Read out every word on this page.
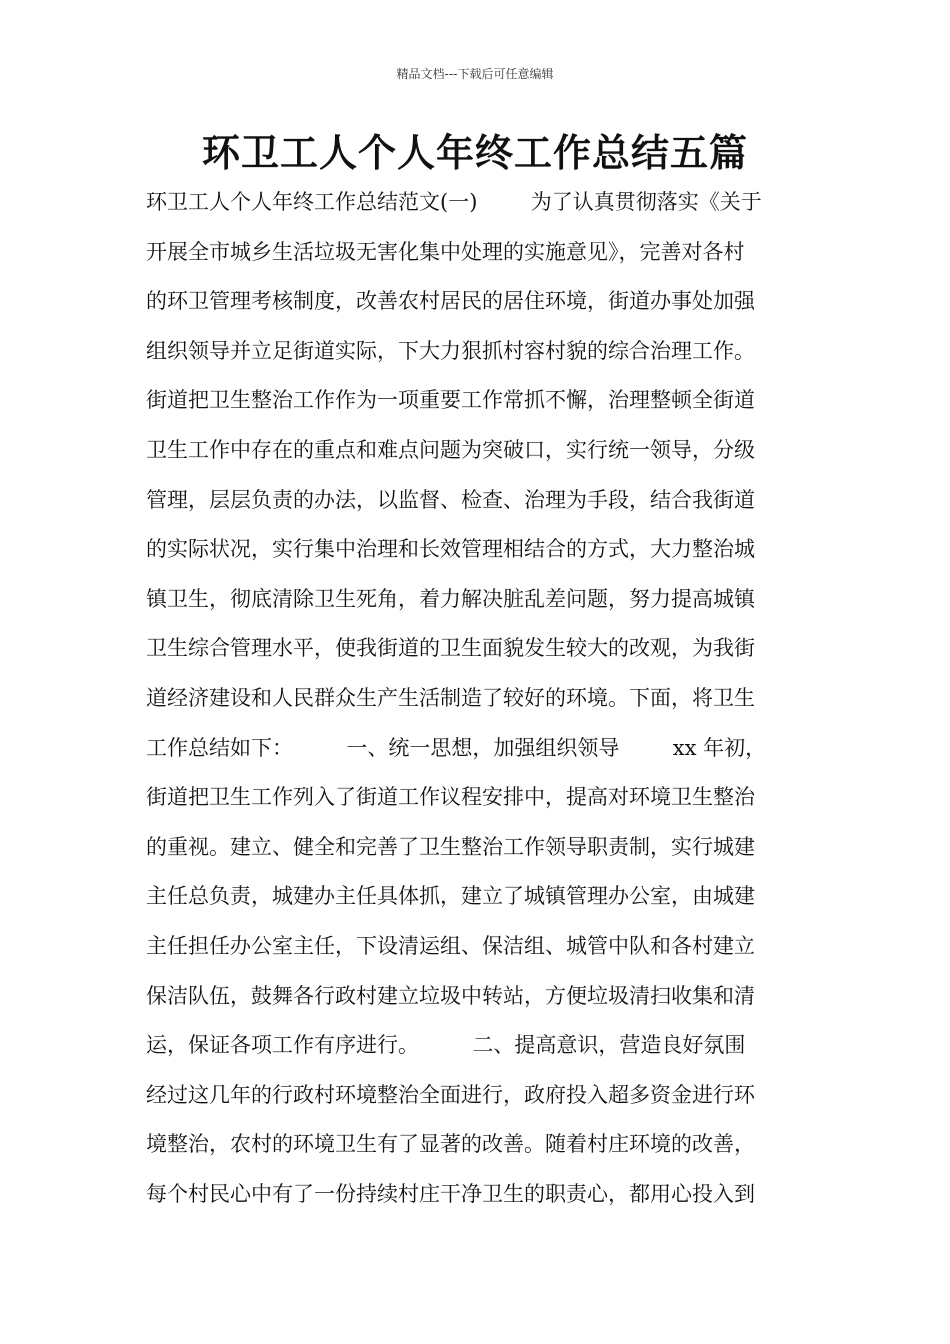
精品文档---下载后可任意编辑
环卫工人个人年终工作总结五篇
环卫工人个人年终工作总结范文(一)        为了认真贯彻落实《关于
开展全市城乡生活垃圾无害化集中处理的实施意见》，完善对各村
的环卫管理考核制度，改善农村居民的居住环境，街道办事处加强
组织领导并立足街道实际，下大力狠抓村容村貌的综合治理工作。
街道把卫生整治工作作为一项重要工作常抓不懈，治理整顿全街道
卫生工作中存在的重点和难点问题为突破口，实行统一领导，分级
管理，层层负责的办法，以监督、检查、治理为手段，结合我街道
的实际状况，实行集中治理和长效管理相结合的方式，大力整治城
镇卫生，彻底清除卫生死角，着力解决脏乱差问题，努力提高城镇
卫生综合管理水平，使我街道的卫生面貌发生较大的改观，为我街
道经济建设和人民群众生产生活制造了较好的环境。下面，将卫生
工作总结如下：        一、统一思想，加强组织领导        xx 年初，
街道把卫生工作列入了街道工作议程安排中，提高对环境卫生整治
的重视。建立、健全和完善了卫生整治工作领导职责制，实行城建
主任总负责，城建办主任具体抓，建立了城镇管理办公室，由城建
主任担任办公室主任，下设清运组、保洁组、城管中队和各村建立
保洁队伍，鼓舞各行政村建立垃圾中转站，方便垃圾清扫收集和清
运，保证各项工作有序进行。        二、提高意识，营造良好氛围
经过这几年的行政村环境整治全面进行，政府投入超多资金进行环
境整治，农村的环境卫生有了显著的改善。随着村庄环境的改善，
每个村民心中有了一份持续村庄干净卫生的职责心，都用心投入到
